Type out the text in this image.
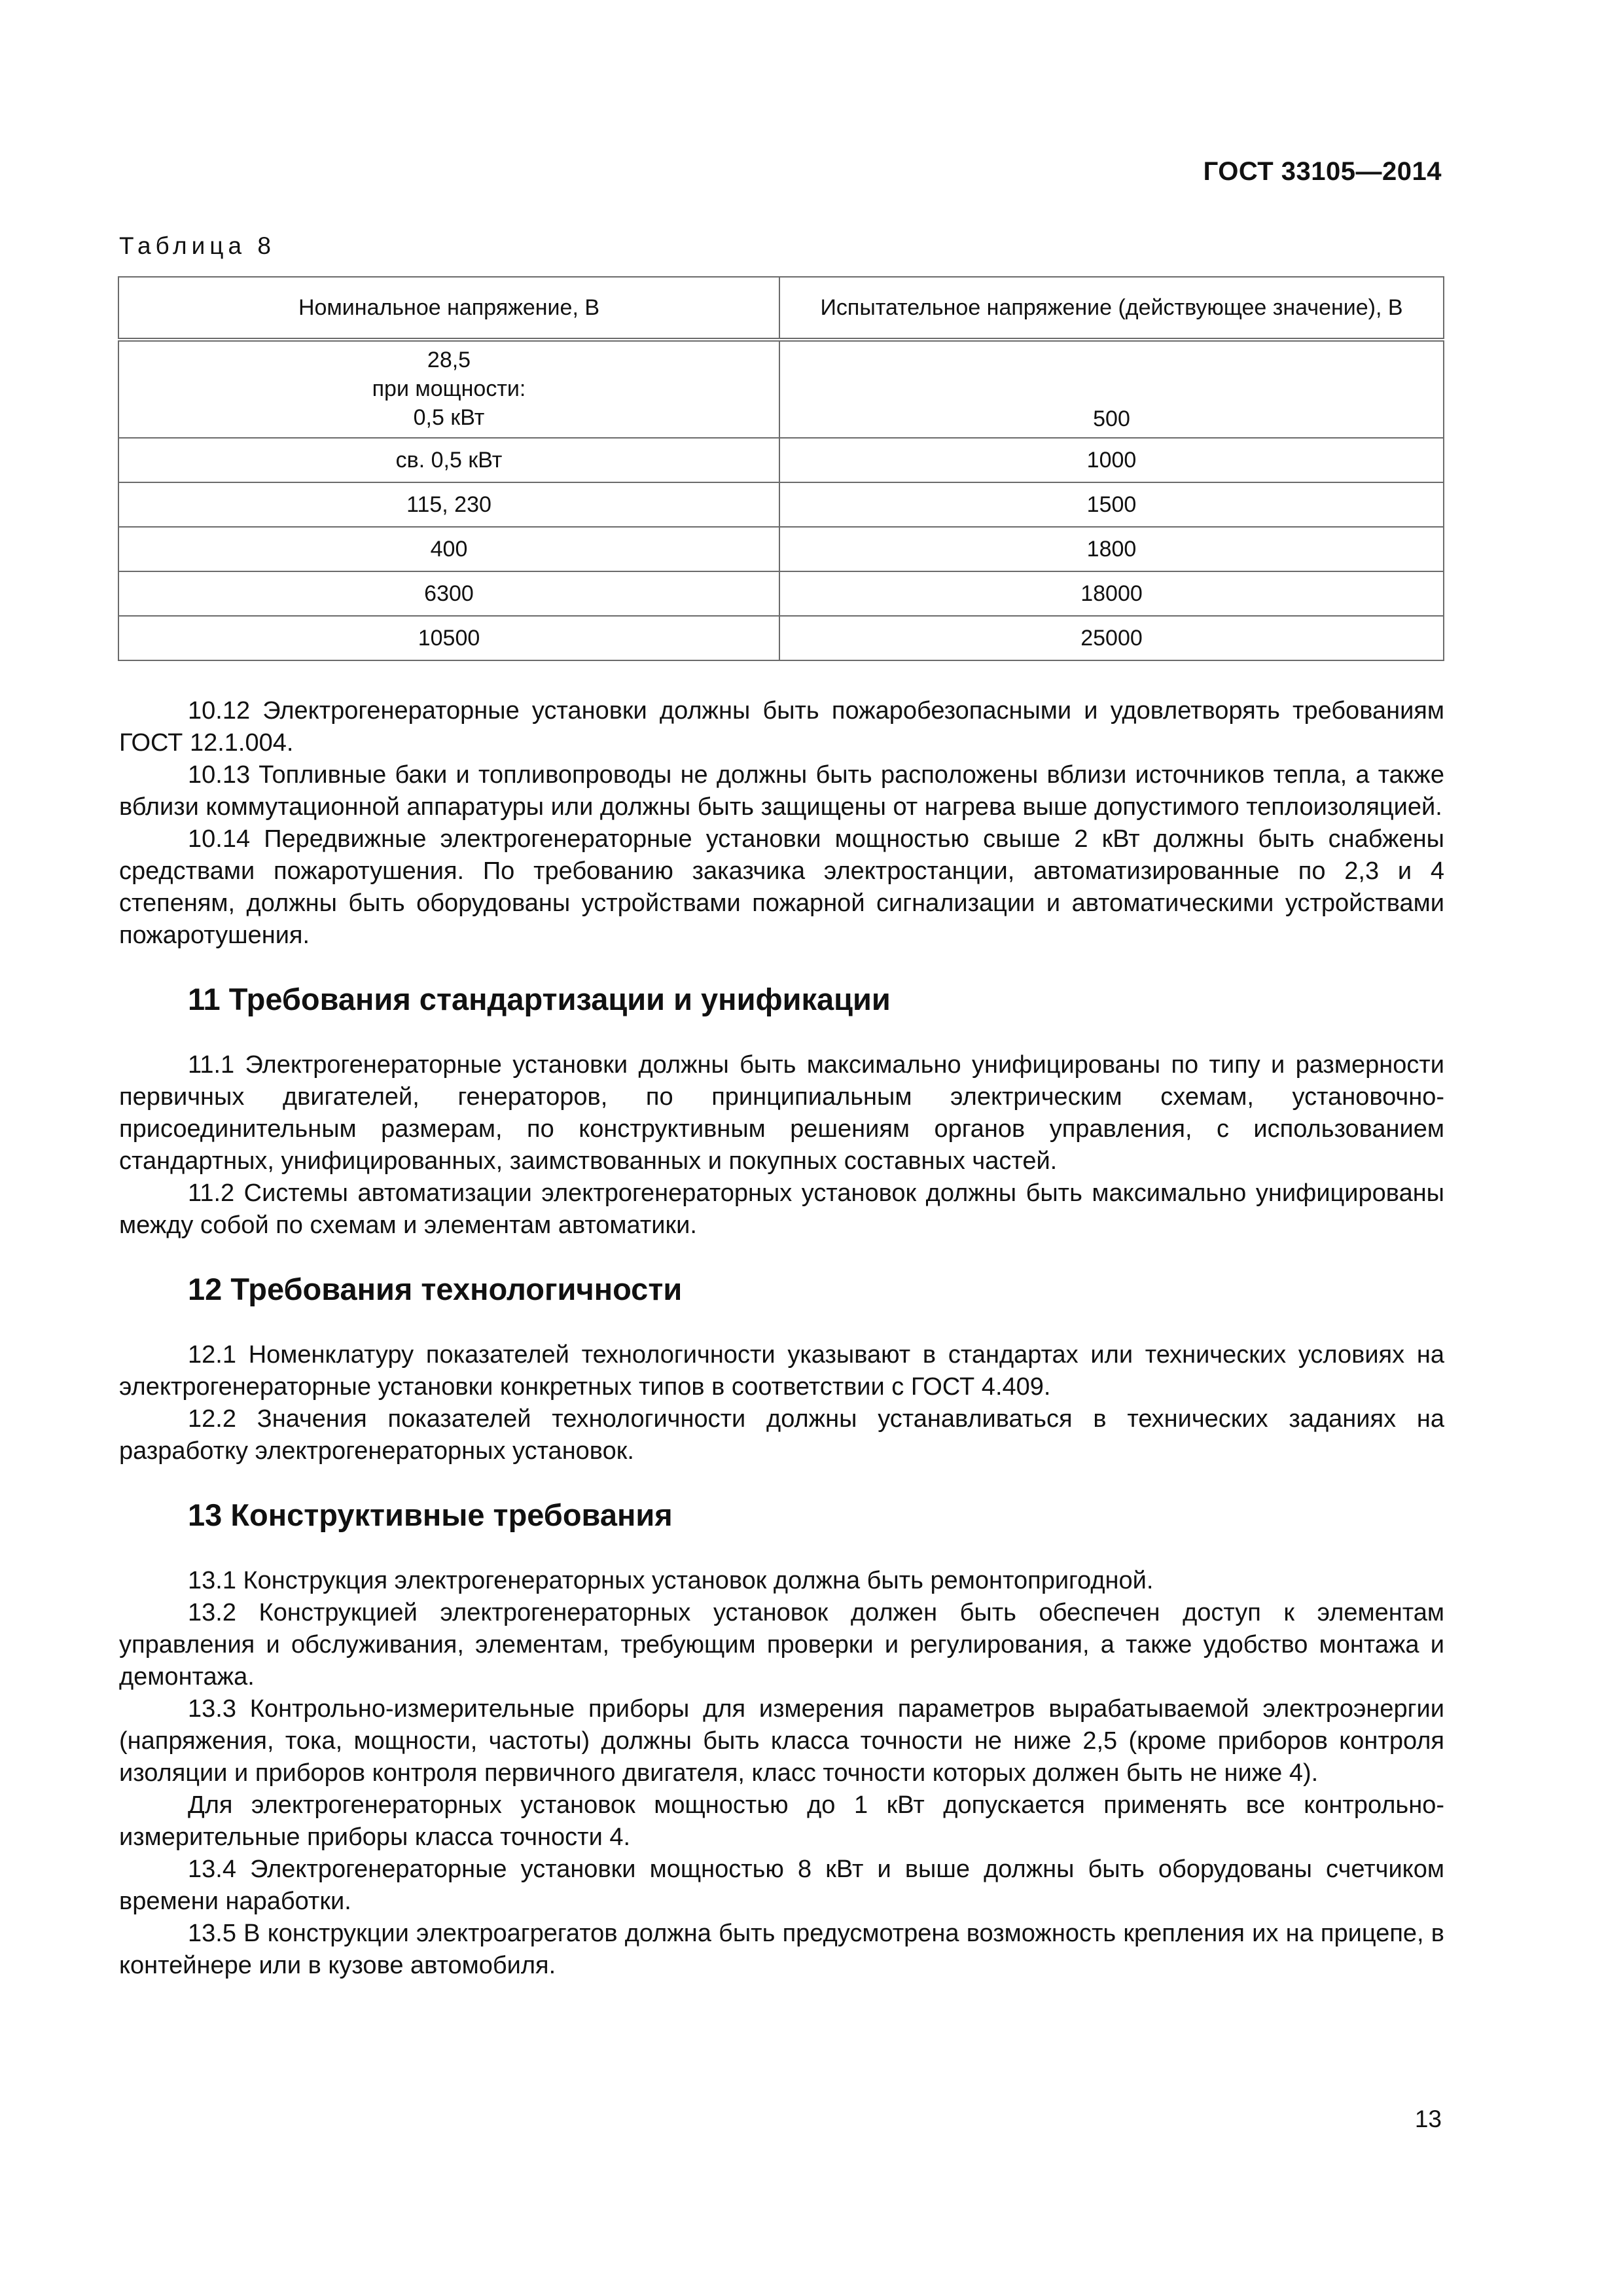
ГОСТ 33105—2014
Таблица 8
Номинальное напряжение, В	Испытательное напряжение (действующее значение), В

28,5
при мощности:
0,5 кВт	500
св. 0,5 кВт	1000
115, 230	1500
400	1800
6300	18000
10500	25000

10.12 Электрогенераторные установки должны быть пожаробезопасными и удовлетворять требованиям ГОСТ 12.1.004.

10.13 Топливные баки и топливопроводы не должны быть расположены вблизи источников тепла, а также вблизи коммутационной аппаратуры или должны быть защищены от нагрева выше допустимого теплоизоляцией.

10.14 Передвижные электрогенераторные установки мощностью свыше 2 кВт должны быть снабжены средствами пожаротушения. По требованию заказчика электростанции, автоматизированные по 2,3 и 4 степеням, должны быть оборудованы устройствами пожарной сигнализации и автоматическими устройствами пожаротушения.

11 Требования стандартизации и унификации

11.1 Электрогенераторные установки должны быть максимально унифицированы по типу и размерности первичных двигателей, генераторов, по принципиальным электрическим схемам, установочно-присоединительным размерам, по конструктивным решениям органов управления, с использованием стандартных, унифицированных, заимствованных и покупных составных частей.

11.2 Системы автоматизации электрогенераторных установок должны быть максимально унифицированы между собой по схемам и элементам автоматики.

12 Требования технологичности

12.1 Номенклатуру показателей технологичности указывают в стандартах или технических условиях на электрогенераторные установки конкретных типов в соответствии с ГОСТ 4.409.

12.2 Значения показателей технологичности должны устанавливаться в технических заданиях на разработку электрогенераторных установок.

13 Конструктивные требования

13.1 Конструкция электрогенераторных установок должна быть ремонтопригодной.

13.2 Конструкцией электрогенераторных установок должен быть обеспечен доступ к элементам управления и обслуживания, элементам, требующим проверки и регулирования, а также удобство монтажа и демонтажа.

13.3 Контрольно-измерительные приборы для измерения параметров вырабатываемой электроэнергии (напряжения, тока, мощности, частоты) должны быть класса точности не ниже 2,5 (кроме приборов контроля изоляции и приборов контроля первичного двигателя, класс точности которых должен быть не ниже 4).

Для электрогенераторных установок мощностью до 1 кВт допускается применять все контрольно-измерительные приборы класса точности 4.

13.4 Электрогенераторные установки мощностью 8 кВт и выше должны быть оборудованы счетчиком времени наработки.

13.5 В конструкции электроагрегатов должна быть предусмотрена возможность крепления их на прицепе, в контейнере или в кузове автомобиля.

13
